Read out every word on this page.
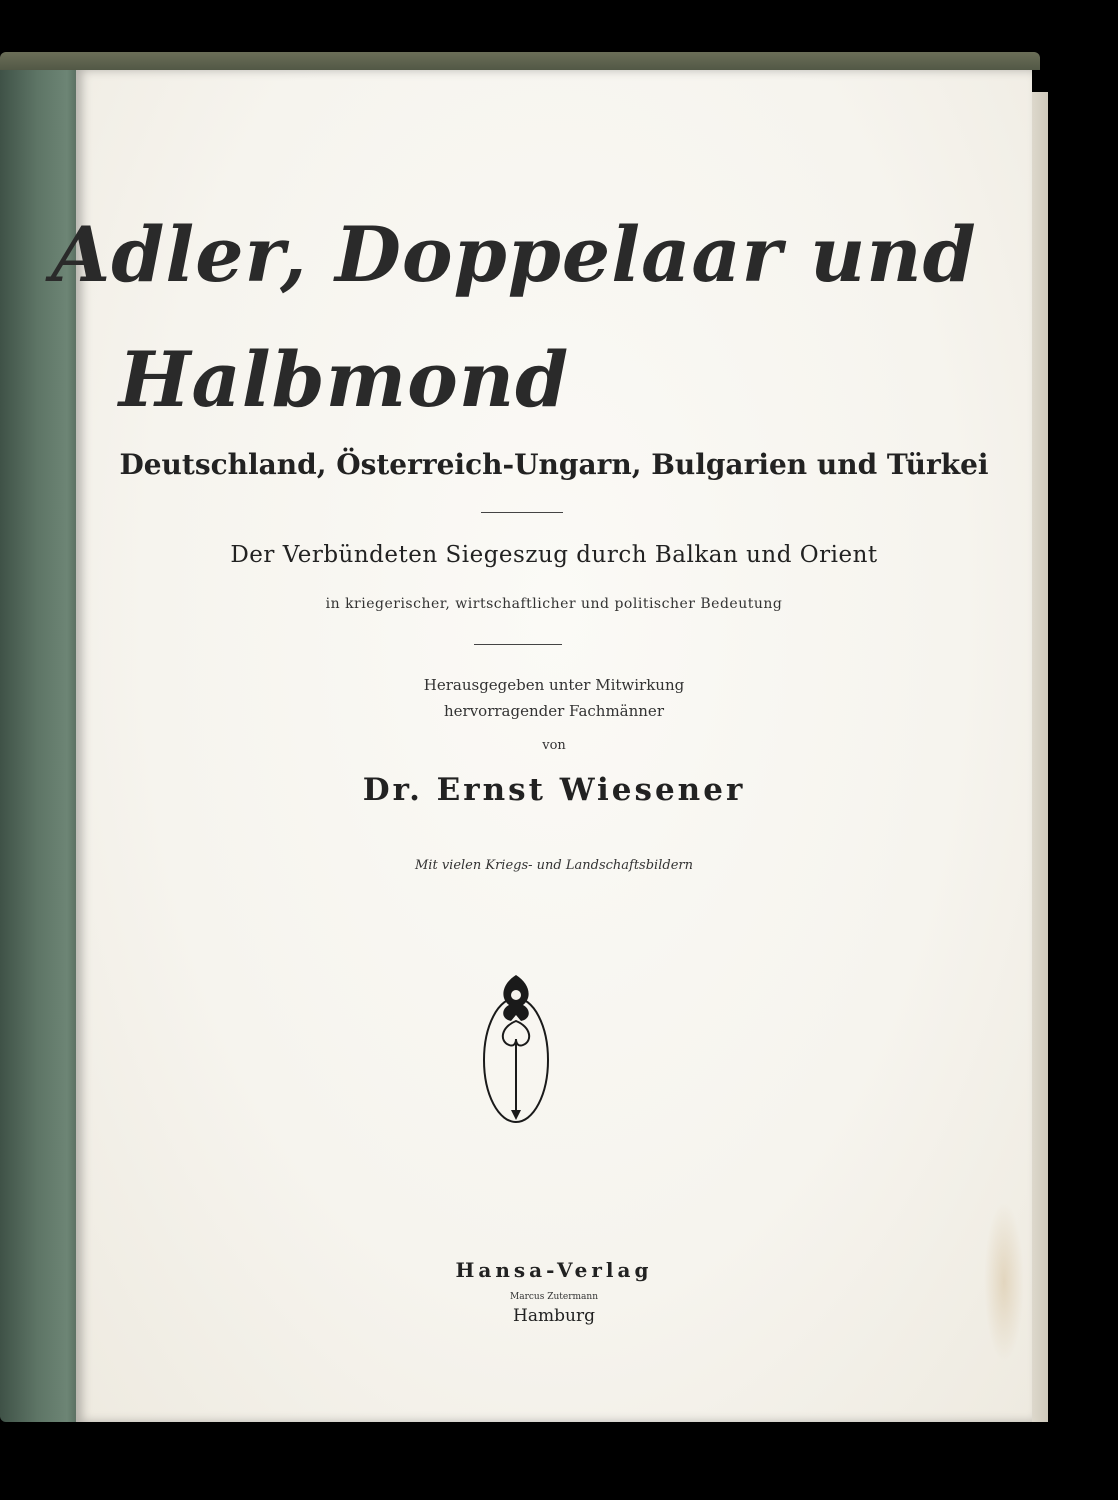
Adler, Doppelaar und
Halbmond
Deutschland, Österreich-Ungarn, Bulgarien und Türkei
Der Verbündeten Siegeszug durch Balkan und Orient
in kriegerischer, wirtschaftlicher und politischer Bedeutung
Herausgegeben unter Mitwirkung
hervorragender Fachmänner
von
Dr. Ernst Wiesener
Mit vielen Kriegs- und Landschaftsbildern
Hansa-Verlag
Marcus Zutermann
Hamburg
